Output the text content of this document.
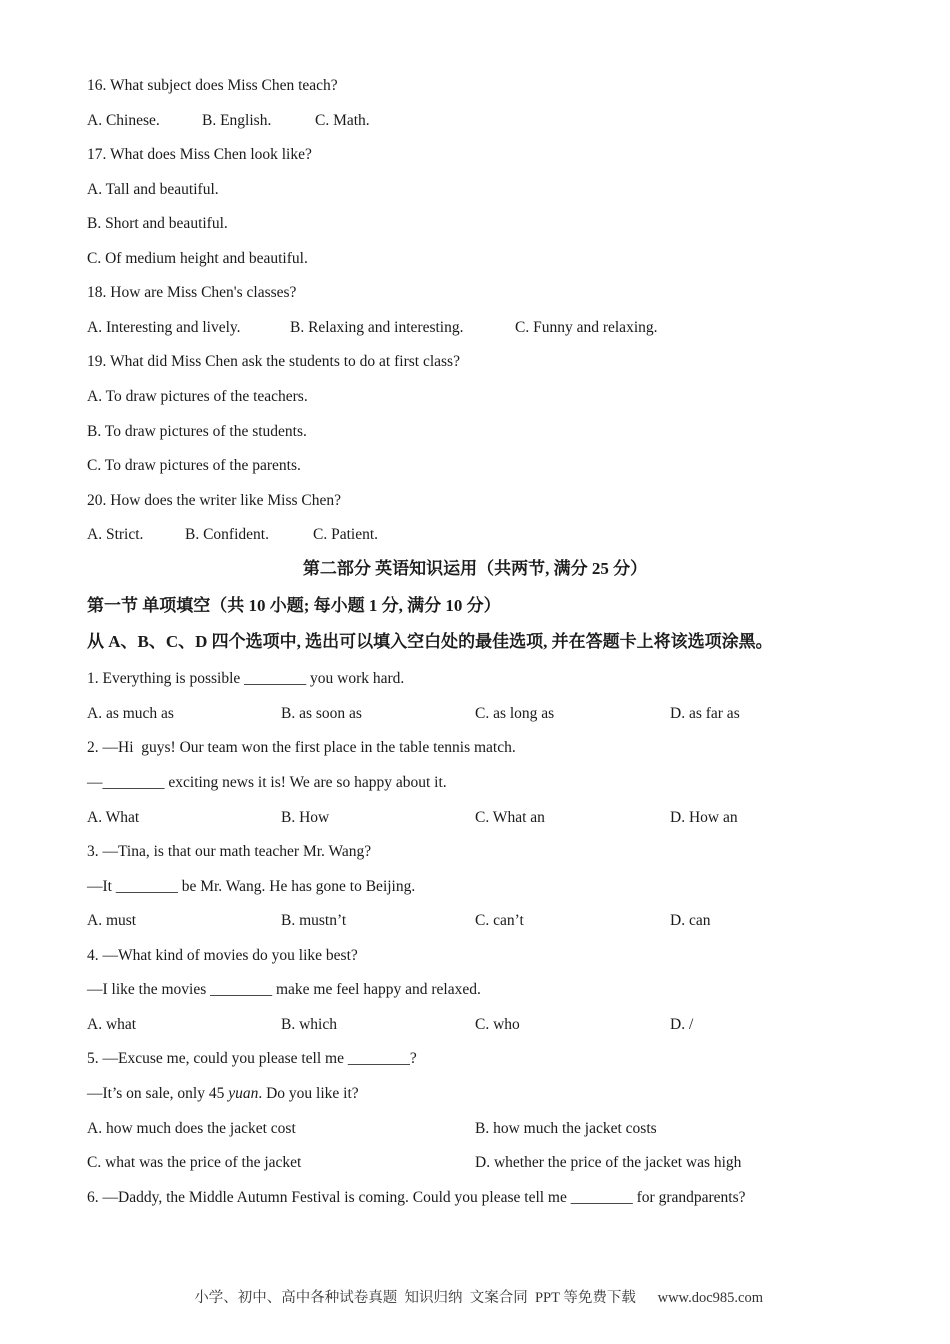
16. What subject does Miss Chen teach?
A. Chinese.	B. English.	C. Math.
17. What does Miss Chen look like?
A. Tall and beautiful.
B. Short and beautiful.
C. Of medium height and beautiful.
18. How are Miss Chen's classes?
A. Interesting and lively.	B. Relaxing and interesting.	C. Funny and relaxing.
19. What did Miss Chen ask the students to do at first class?
A. To draw pictures of the teachers.
B. To draw pictures of the students.
C. To draw pictures of the parents.
20. How does the writer like Miss Chen?
A. Strict.	B. Confident.	C. Patient.
第二部分 英语知识运用（共两节, 满分 25 分）
第一节 单项填空（共 10 小题; 每小题 1 分, 满分 10 分）
从 A、B、C、D 四个选项中, 选出可以填入空白处的最佳选项, 并在答题卡上将该选项涂黑。
1. Everything is possible ________ you work hard.
A. as much as	B. as soon as	C. as long as	D. as far as
2. —Hi  guys! Our team won the first place in the table tennis match.
—________ exciting news it is! We are so happy about it.
A. What	B. How	C. What an	D. How an
3. —Tina, is that our math teacher Mr. Wang?
—It ________ be Mr. Wang. He has gone to Beijing.
A. must	B. mustn’t	C. can’t	D. can
4. —What kind of movies do you like best?
—I like the movies ________ make me feel happy and relaxed.
A. what	B. which	C. who	D. /
5. —Excuse me, could you please tell me ________?
—It’s on sale, only 45 yuan. Do you like it?
A. how much does the jacket cost	B. how much the jacket costs
C. what was the price of the jacket	D. whether the price of the jacket was high
6. —Daddy, the Middle Autumn Festival is coming. Could you please tell me ________ for grandparents?

小学、初中、高中各种试卷真题  知识归纳  文案合同  PPT 等免费下载 www.doc985.com
